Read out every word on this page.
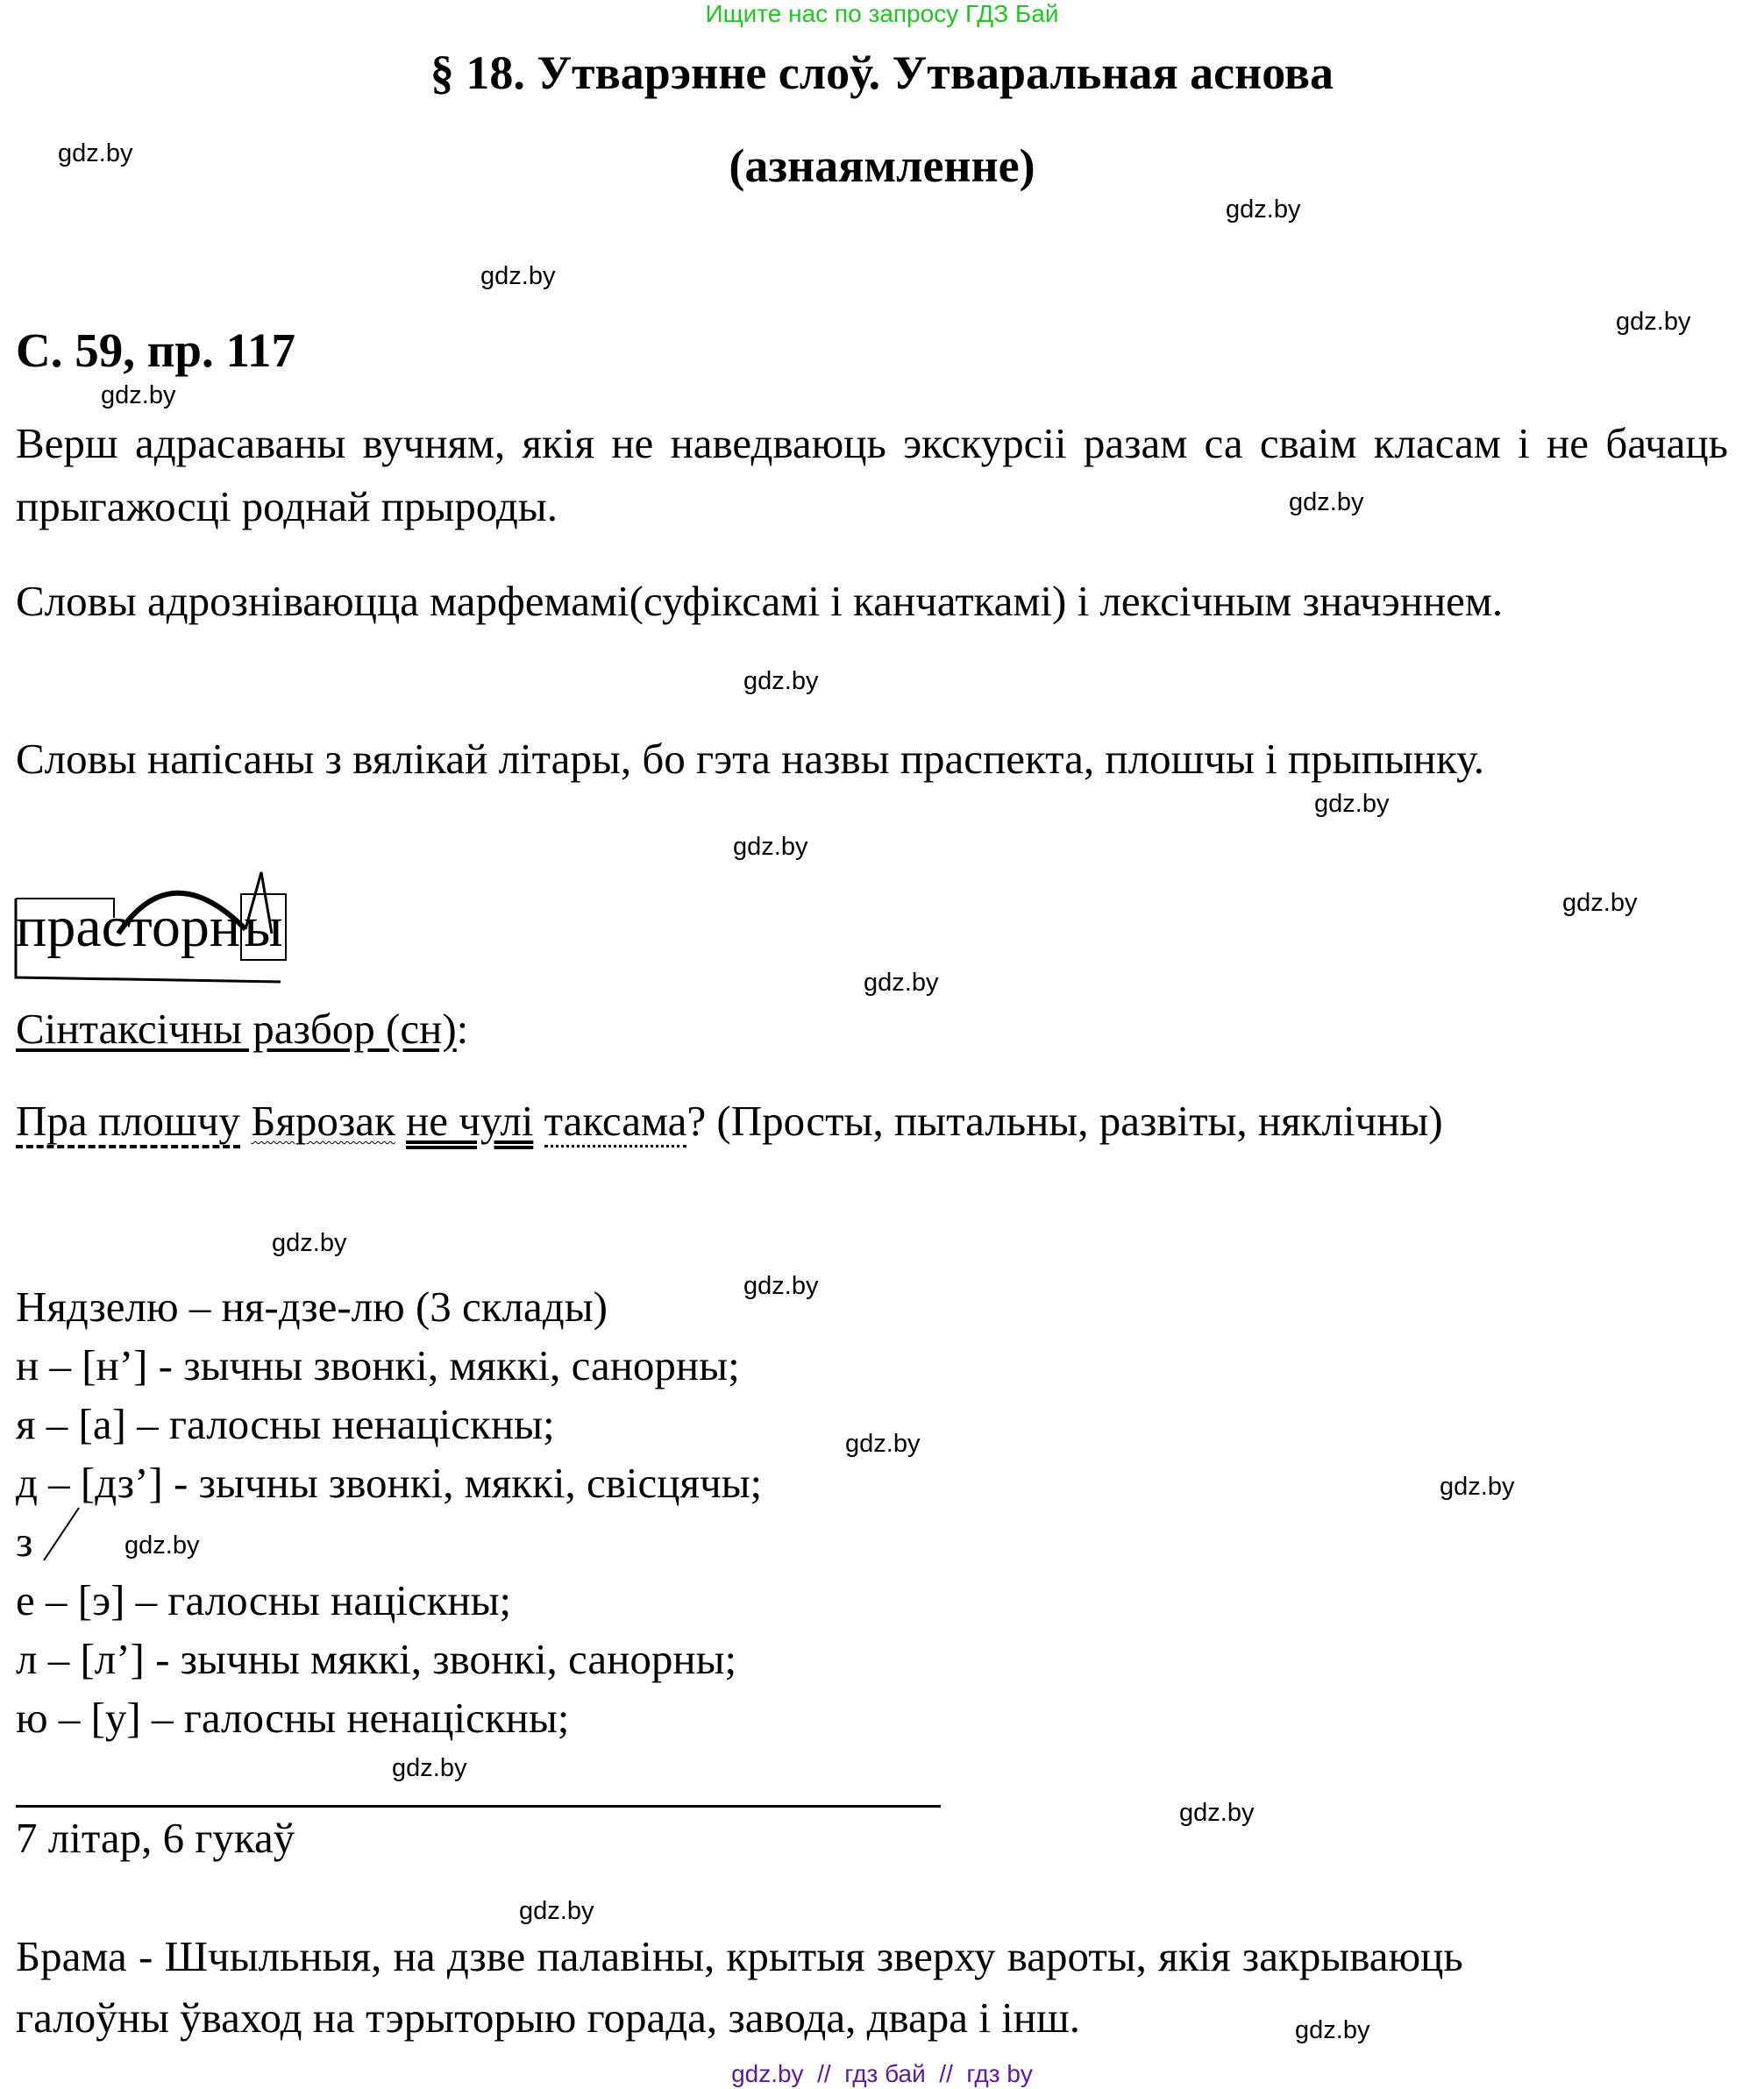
Ищите нас по запросу ГДЗ Бай
§ 18. Утварэнне слоў. Утваральная аснова
(азнаямленне)
С. 59, пр. 117
Верш адрасаваны вучням, якія не наведваюць экскурсіі разам са сваім класам і не бачаць прыгажосці роднай прыроды.
Словы адрозніваюцца марфемамі(суфіксамі і канчаткамі) і лексічным значэннем.
Словы напісаны з вялікай літары, бо гэта назвы праспекта, плошчы і прыпынку.
прасторны
Сінтаксічны разбор (сн):
Пра плошчу Бярозак не чулі таксама? (Просты, пытальны, развіты, няклічны)
Нядзелю – ня-дзе-лю (3 склады)
н – [н’] - зычны звонкі, мяккі, санорны;
я – [а] – галосны ненацiскны;
д – [дз’] - зычны звонкі, мяккі, свісцячы;
з
е – [э] – галосны націскны;
л – [л’] - зычны мяккі, звонкі, санорны;
ю – [у] – галосны ненацiскны;
7 літар, 6 гукаў
Брама - Шчыльныя, на дзве палавіны, крытыя зверху вароты, якія закрываюць
галоўны ўваход на тэрыторыю горада, завода, двара і інш.
gdz.by
gdz.by
gdz.by
gdz.by
gdz.by
gdz.by
gdz.by
gdz.by
gdz.by
gdz.by
gdz.by
gdz.by
gdz.by
gdz.by
gdz.by
gdz.by
gdz.by
gdz.by
gdz.by
gdz.by
gdz.by  //  гдз бай  //  гдз by
